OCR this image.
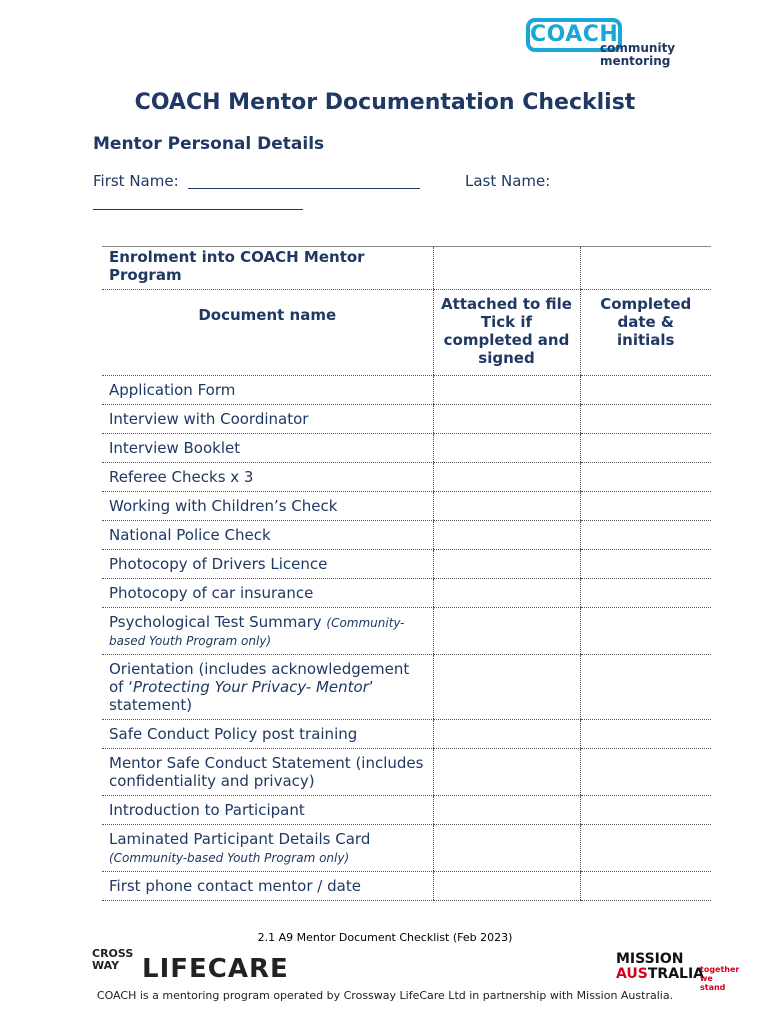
COACH
community
mentoring
COACH Mentor Documentation Checklist
Mentor Personal Details
First Name:	Last Name:
Enrolment into COACH Mentor Program		
Document name	Attached to file Tick if completed and signed	Completed date & initials
Application Form		
Interview with Coordinator		
Interview Booklet		
Referee Checks x 3		
Working with Children’s Check		
National Police Check		
Photocopy of Drivers Licence		
Photocopy of car insurance		
Psychological Test Summary (Community-based Youth Program only)		
Orientation (includes acknowledgement of ‘Protecting Your Privacy- Mentor’ statement)		
Safe Conduct Policy post training		
Mentor Safe Conduct Statement (includes confidentiality and privacy)		
Introduction to Participant		
Laminated Participant Details Card (Community-based Youth Program only)		
First phone contact mentor / date		
2.1 A9 Mentor Document Checklist (Feb 2023)
CROSS
WAY LIFECARE	MISSION
AUSTRALIA
together we stand
COACH is a mentoring program operated by Crossway LifeCare Ltd in partnership with Mission Australia.
